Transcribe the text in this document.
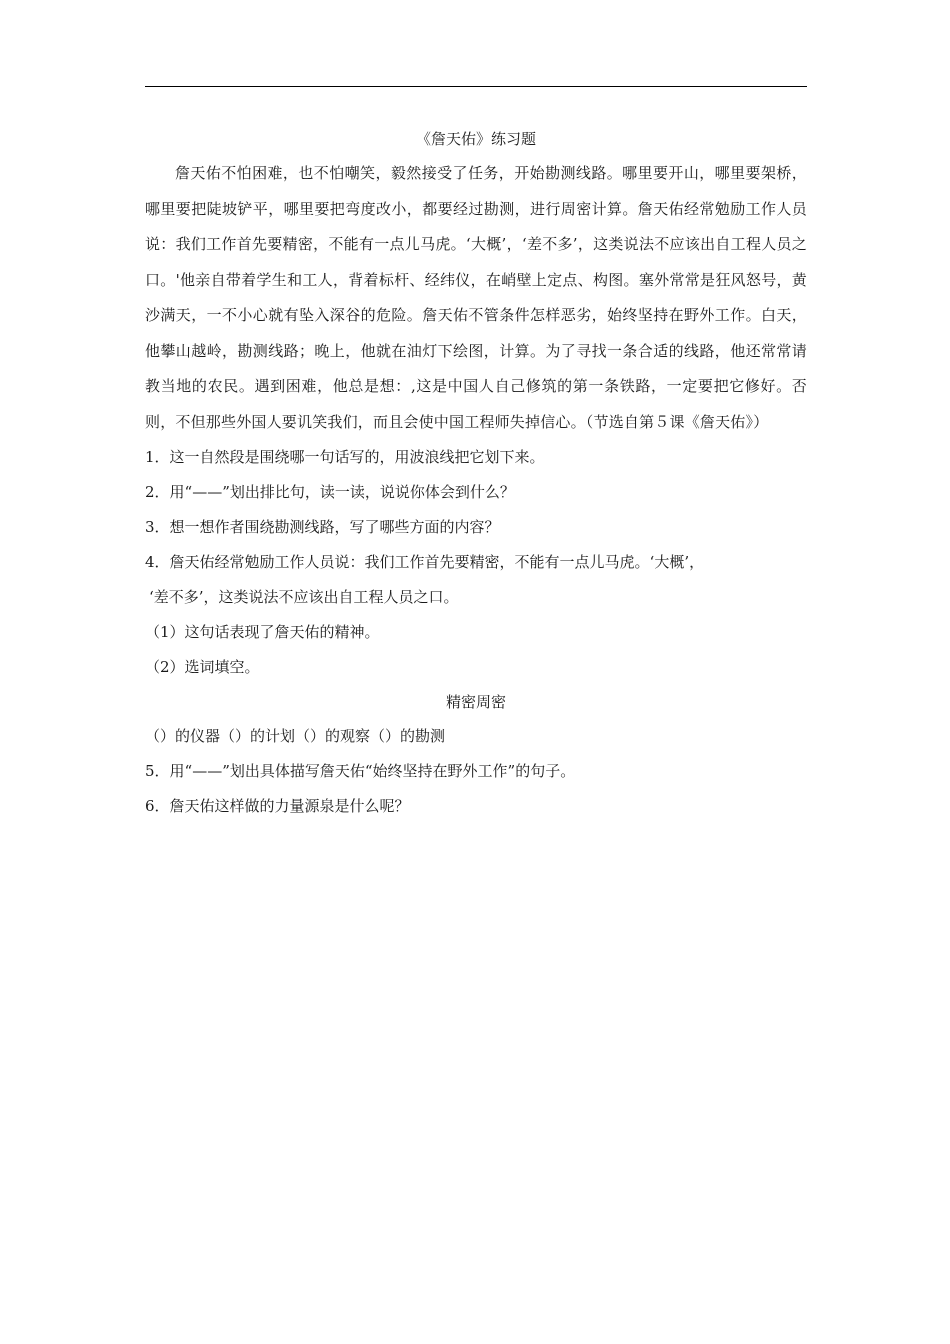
《詹天佑》练习题

詹天佑不怕困难，也不怕嘲笑，毅然接受了任务，开始勘测线路。哪里要开山，哪里要架桥，哪里要把陡坡铲平，哪里要把弯度改小，都要经过勘测，进行周密计算。詹天佑经常勉励工作人员说：我们工作首先要精密，不能有一点儿马虎。‘大概’，‘差不多’，这类说法不应该出自工程人员之口。'他亲自带着学生和工人，背着标杆、经纬仪，在峭壁上定点、构图。塞外常常是狂风怒号，黄沙满天，一不小心就有坠入深谷的危险。詹天佑不管条件怎样恶劣，始终坚持在野外工作。白天，他攀山越岭，勘测线路；晚上，他就在油灯下绘图，计算。为了寻找一条合适的线路，他还常常请教当地的农民。遇到困难，他总是想：,这是中国人自己修筑的第一条铁路，一定要把它修好。否则，不但那些外国人要讥笑我们，而且会使中国工程师失掉信心。（节选自第５课《詹天佑》）

1．这一自然段是围绕哪一句话写的，用波浪线把它划下来。

2．用“——”划出排比句，读一读，说说你体会到什么？

3．想一想作者围绕勘测线路，写了哪些方面的内容？

4．詹天佑经常勉励工作人员说：我们工作首先要精密，不能有一点儿马虎。‘大概’，

‘差不多’，这类说法不应该出自工程人员之口。

（1）这句话表现了詹天佑的精神。

（2）选词填空。

精密周密

（）的仪器（）的计划（）的观察（）的勘测

5．用“——”划出具体描写詹天佑“始终坚持在野外工作”的句子。

6．詹天佑这样做的力量源泉是什么呢？
